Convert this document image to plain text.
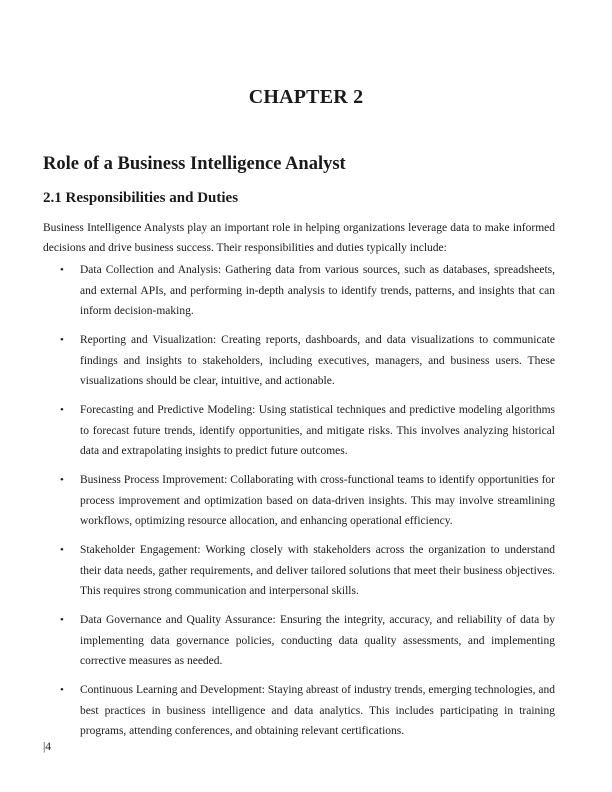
CHAPTER 2
Role of a Business Intelligence Analyst
2.1 Responsibilities and Duties
Business Intelligence Analysts play an important role in helping organizations leverage data to make informed decisions and drive business success. Their responsibilities and duties typically include:
• Data Collection and Analysis: Gathering data from various sources, such as databases, spreadsheets, and external APIs, and performing in-depth analysis to identify trends, patterns, and insights that can inform decision-making.
• Reporting and Visualization: Creating reports, dashboards, and data visualizations to communicate findings and insights to stakeholders, including executives, managers, and business users. These visualizations should be clear, intuitive, and actionable.
• Forecasting and Predictive Modeling: Using statistical techniques and predictive modeling algorithms to forecast future trends, identify opportunities, and mitigate risks. This involves analyzing historical data and extrapolating insights to predict future outcomes.
• Business Process Improvement: Collaborating with cross-functional teams to identify opportunities for process improvement and optimization based on data-driven insights. This may involve streamlining workflows, optimizing resource allocation, and enhancing operational efficiency.
• Stakeholder Engagement: Working closely with stakeholders across the organization to understand their data needs, gather requirements, and deliver tailored solutions that meet their business objectives. This requires strong communication and interpersonal skills.
• Data Governance and Quality Assurance: Ensuring the integrity, accuracy, and reliability of data by implementing data governance policies, conducting data quality assessments, and implementing corrective measures as needed.
• Continuous Learning and Development: Staying abreast of industry trends, emerging technologies, and best practices in business intelligence and data analytics. This includes participating in training programs, attending conferences, and obtaining relevant certifications.
|4
